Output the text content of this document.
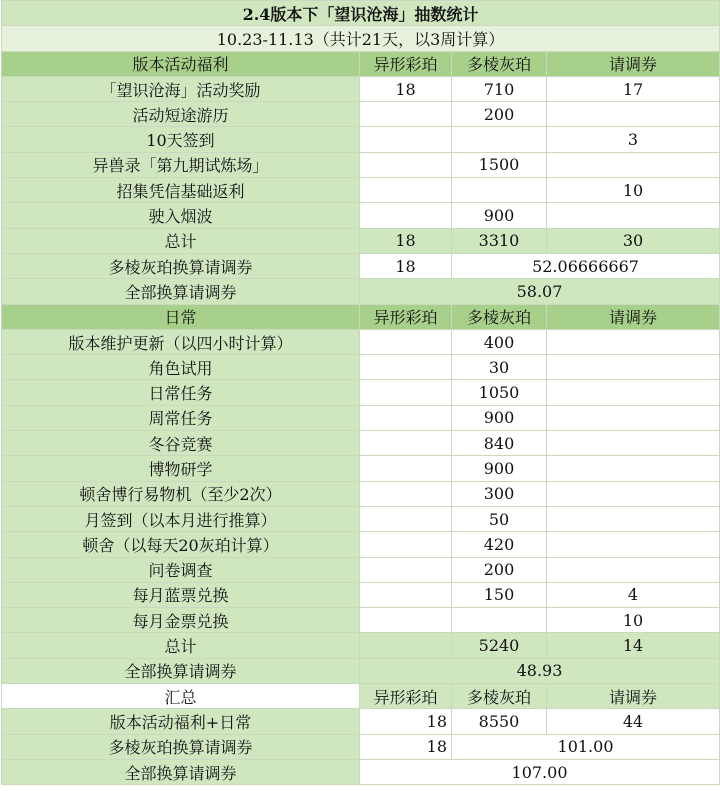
2.4版本下「望识沧海」抽数统计			
10.23-11.13（共计21天，以3周计算）			
版本活动福利	异形彩珀	多棱灰珀	请调券
「望识沧海」活动奖励	18	710	17
活动短途游历		200	
10天签到			3
异兽录「第九期试炼场」		1500	
招集凭信基础返利			10
驶入烟波		900	
总计	18	3310	30
多棱灰珀换算请调券	18	52.06666667	
全部换算请调券	58.07		
日常	异形彩珀	多棱灰珀	请调券
版本维护更新（以四小时计算）		400	
角色试用		30	
日常任务		1050	
周常任务		900	
冬谷竞赛		840	
博物研学		900	
顿舍博行易物机（至少2次）		300	
月签到（以本月进行推算）		50	
顿舍（以每天20灰珀计算）		420	
问卷调查		200	
每月蓝票兑换		150	4
每月金票兑换			10
总计		5240	14
全部换算请调券	48.93		
汇总	异形彩珀	多棱灰珀	请调券
版本活动福利+日常	18	8550	44
多棱灰珀换算请调券	18	101.00	
全部换算请调券	107.00		
